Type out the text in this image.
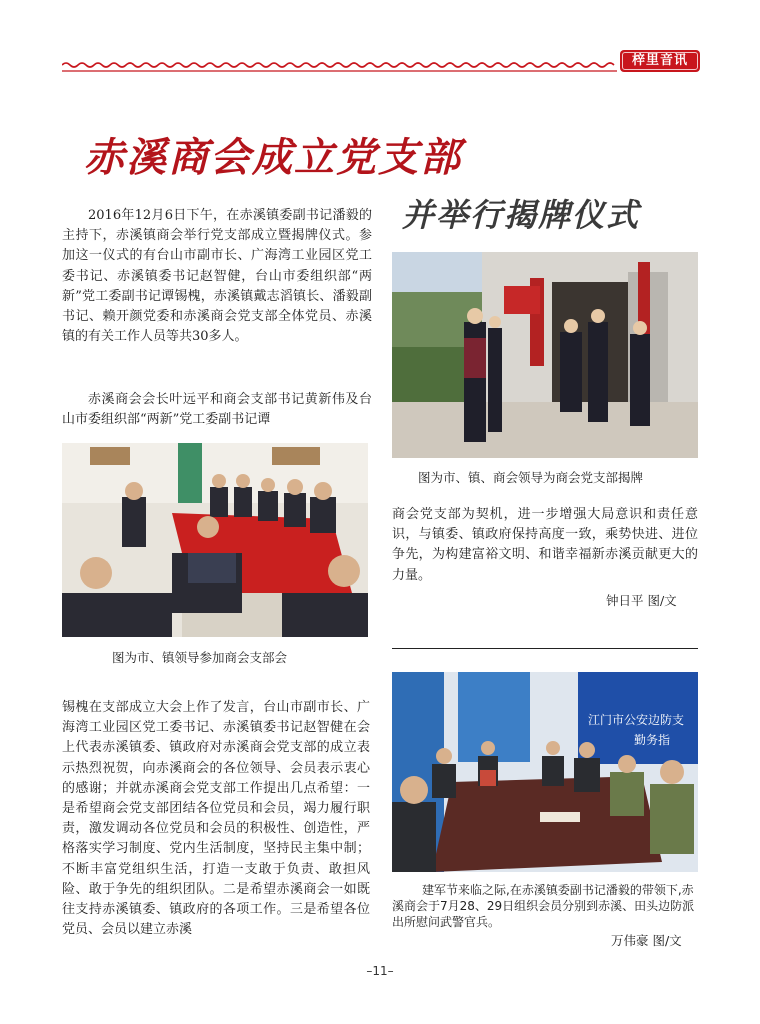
梓里音讯
赤溪商会成立党支部
并举行揭牌仪式

2016年12月6日下午，在赤溪镇委副书记潘毅的主持下，赤溪镇商会举行党支部成立暨揭牌仪式。参加这一仪式的有台山市副市长、广海湾工业园区党工委书记、赤溪镇委书记赵智健，台山市委组织部“两新”党工委副书记谭锡槐，赤溪镇戴志滔镇长、潘毅副书记、赖开颜党委和赤溪商会党支部全体党员、赤溪镇的有关工作人员等共30多人。

赤溪商会会长叶远平和商会支部书记黄新伟及台山市委组织部“两新”党工委副书记谭

图为市、镇、商会领导为商会党支部揭牌
图为市、镇领导参加商会支部会

锡槐在支部成立大会上作了发言，台山市副市长、广海湾工业园区党工委书记、赤溪镇委书记赵智健在会上代表赤溪镇委、镇政府对赤溪商会党支部的成立表示热烈祝贺，向赤溪商会的各位领导、会员表示衷心的感谢；并就赤溪商会党支部工作提出几点希望：一是希望商会党支部团结各位党员和会员，竭力履行职责，激发调动各位党员和会员的积极性、创造性，严格落实学习制度、党内生活制度，坚持民主集中制；不断丰富党组织生活，打造一支敢于负责、敢担风险、敢于争先的组织团队。二是希望赤溪商会一如既往支持赤溪镇委、镇政府的各项工作。三是希望各位党员、会员以建立赤溪

商会党支部为契机，进一步增强大局意识和责任意识，与镇委、镇政府保持高度一致，乘势快进、进位争先，为构建富裕文明、和谐幸福新赤溪贡献更大的力量。

钟日平 图/文
江门市公安边防支
勤务指
建军节来临之际,在赤溪镇委副书记潘毅的带领下,赤溪商会于7月28、29日组织会员分别到赤溪、田头边防派出所慰问武警官兵。
万伟豪 图/文
–11–
